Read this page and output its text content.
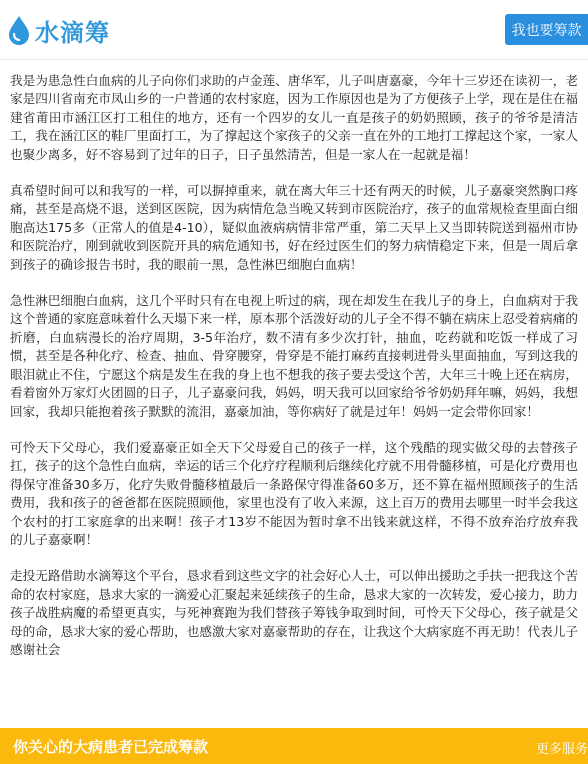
水滴筹	我也要筹款

我是为患急性白血病的儿子向你们求助的卢金莲、唐华军，儿子叫唐嘉豪，今年十三岁还在读初一，老家是四川省南充市凤山乡的一户普通的农村家庭，因为工作原因也是为了方便孩子上学，现在是住在福建省莆田市涵江区打工租住的地方，还有一个四岁的女儿一直是孩子的奶奶照顾，孩子的爷爷是清洁工，我在涵江区的鞋厂里面打工，为了撑起这个家孩子的父亲一直在外的工地打工撑起这个家，一家人也聚少离多，好不容易到了过年的日子，日子虽然清苦，但是一家人在一起就是福！

真希望时间可以和我写的一样，可以摒掉重来，就在离大年三十还有两天的时候，儿子嘉豪突然胸口疼痛，甚至是高烧不退，送到区医院，因为病情危急当晚又转到市医院治疗，孩子的血常规检查里面白细胞高达175多（正常人的值是4-10），疑似血液病病情非常严重，第二天早上又当即转院送到福州市协和医院治疗，刚到就收到医院开具的病危通知书，好在经过医生们的努力病情稳定下来，但是一周后拿到孩子的确诊报告书时，我的眼前一黑，急性淋巴细胞白血病！

急性淋巴细胞白血病，这几个平时只有在电视上听过的病，现在却发生在我儿子的身上，白血病对于我这个普通的家庭意味着什么天塌下来一样，原本那个活泼好动的儿子全不得不躺在病床上忍受着病痛的折磨，白血病漫长的治疗周期，3-5年治疗，数不清有多少次打针，抽血，吃药就和吃饭一样成了习惯，甚至是各种化疗、检查、抽血、骨穿腰穿，骨穿是不能打麻药直接刺进骨头里面抽血，写到这我的眼泪就止不住，宁愿这个病是发生在我的身上也不想我的孩子要去受这个苦，大年三十晚上还在病房，看着窗外万家灯火团圆的日子，儿子嘉豪问我，妈妈，明天我可以回家给爷爷奶奶拜年嘛，妈妈，我想回家，我却只能抱着孩子默默的流泪，嘉豪加油，等你病好了就是过年！妈妈一定会带你回家！

可怜天下父母心，我们爱嘉豪正如全天下父母爱自己的孩子一样，这个残酷的现实做父母的去替孩子扛，孩子的这个急性白血病，幸运的话三个化疗疗程顺利后继续化疗就不用骨髓移植，可是化疗费用也得保守准备30多万，化疗失败骨髓移植最后一条路保守得准备60多万，还不算在福州照顾孩子的生活费用，我和孩子的爸爸都在医院照顾他，家里也没有了收入来源，这上百万的费用去哪里一时半会我这个农村的打工家庭拿的出来啊！孩子才13岁不能因为暂时拿不出钱来就这样，不得不放弃治疗放弃我的儿子嘉豪啊！

走投无路借助水滴筹这个平台，恳求看到这些文字的社会好心人士，可以伸出援助之手扶一把我这个苦命的农村家庭，恳求大家的一滴爱心汇聚起来延续孩子的生命，恳求大家的一次转发，爱心接力，助力孩子战胜病魔的希望更真实，与死神赛跑为我们替孩子筹钱争取到时间，可怜天下父母心，孩子就是父母的命，恳求大家的爱心帮助，也感激大家对嘉豪帮助的存在，让我这个大病家庭不再无助！代表儿子感谢社会

你关心的大病患者已完成筹款	更多服务
